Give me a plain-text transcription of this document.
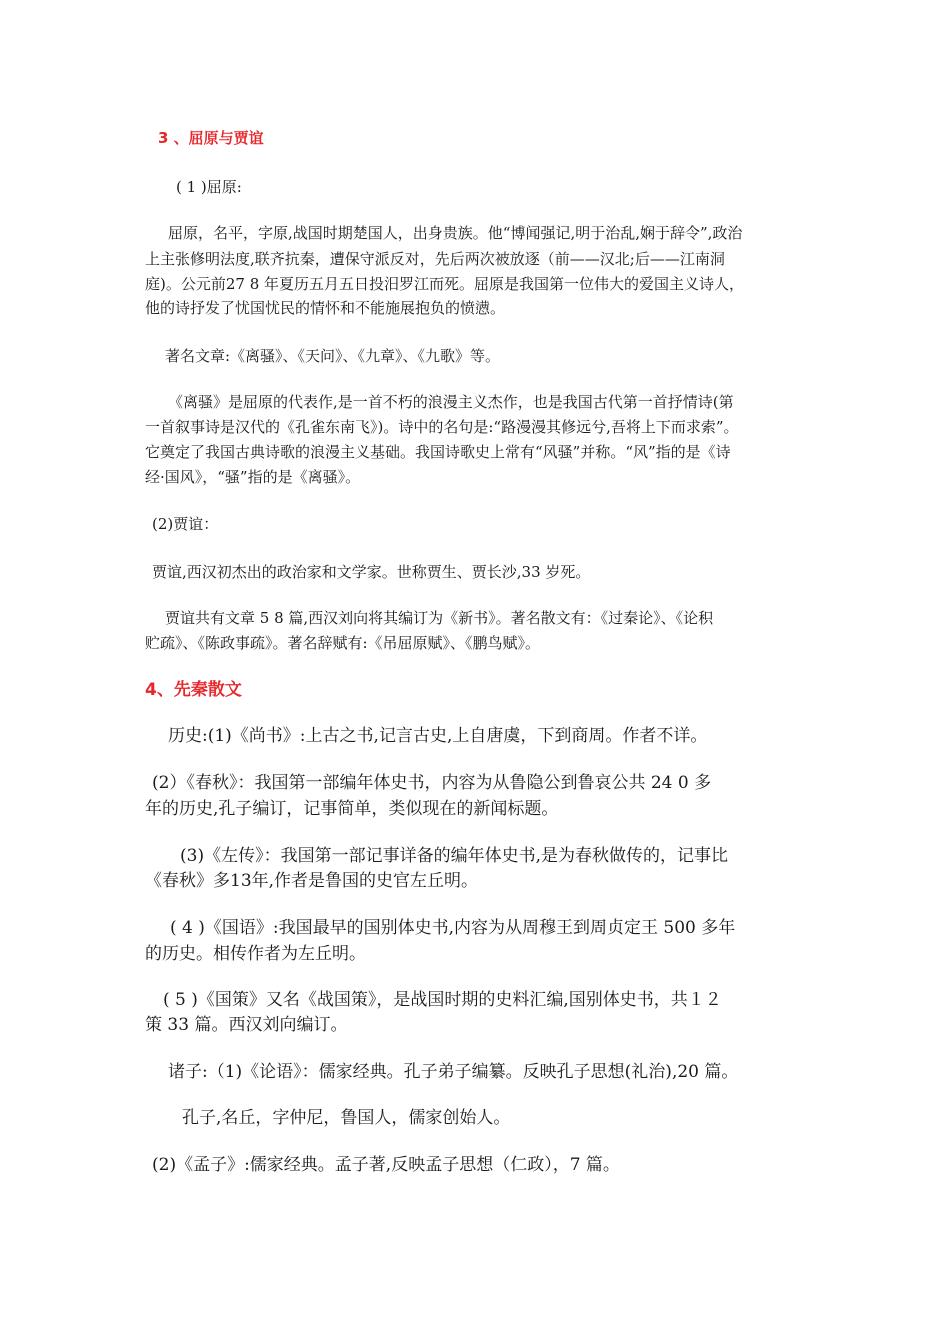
3 、屈原与贾谊

( 1 )屈原:

屈原，名平，字原,战国时期楚国人，出身贵族。他“博闻强记,明于治乱,娴于辞令”,政治

上主张修明法度,联齐抗秦，遭保守派反对，先后两次被放逐（前——汉北;后——江南洞

庭)。公元前27 8 年夏历五月五日投汨罗江而死。屈原是我国第一位伟大的爱国主义诗人，

他的诗抒发了忧国忧民的情怀和不能施展抱负的愤懑。

著名文章:《离骚》、《天问》、《九章》、《九歌》等。

《离骚》是屈原的代表作,是一首不朽的浪漫主义杰作，也是我国古代第一首抒情诗(第

一首叙事诗是汉代的《孔雀东南飞》)。诗中的名句是:“路漫漫其修远兮,吾将上下而求索”。

它奠定了我国古典诗歌的浪漫主义基础。我国诗歌史上常有“风骚”并称。“风”指的是《诗

经·国风》，“骚”指的是《离骚》。

(2)贾谊：

贾谊,西汉初杰出的政治家和文学家。世称贾生、贾长沙,33 岁死。

贾谊共有文章 5 8 篇,西汉刘向将其编订为《新书》。著名散文有：《过秦论》、《论积

贮疏》、《陈政事疏》。著名辞赋有:《吊屈原赋》、《鹏鸟赋》。

4、先秦散文

历史:(1)《尚书》:上古之书,记言古史,上自唐虞，下到商周。作者不详。

(2）《春秋》：我国第一部编年体史书，内容为从鲁隐公到鲁哀公共 24 0 多

年的历史,孔子编订，记事简单，类似现在的新闻标题。

(3)《左传》：我国第一部记事详备的编年体史书,是为春秋做传的，记事比

《春秋》多13年,作者是鲁国的史官左丘明。

( 4 )《国语》:我国最早的国别体史书,内容为从周穆王到周贞定王 500 多年

的历史。相传作者为左丘明。

( 5 )《国策》又名《战国策》，是战国时期的史料汇编,国别体史书，共１２

策 33 篇。西汉刘向编订。

诸子:（1)《论语》：儒家经典。孔子弟子编纂。反映孔子思想(礼治),20 篇。

孔子,名丘，字仲尼，鲁国人，儒家创始人。

(2)《孟子》:儒家经典。孟子著,反映孟子思想（仁政），7 篇。
